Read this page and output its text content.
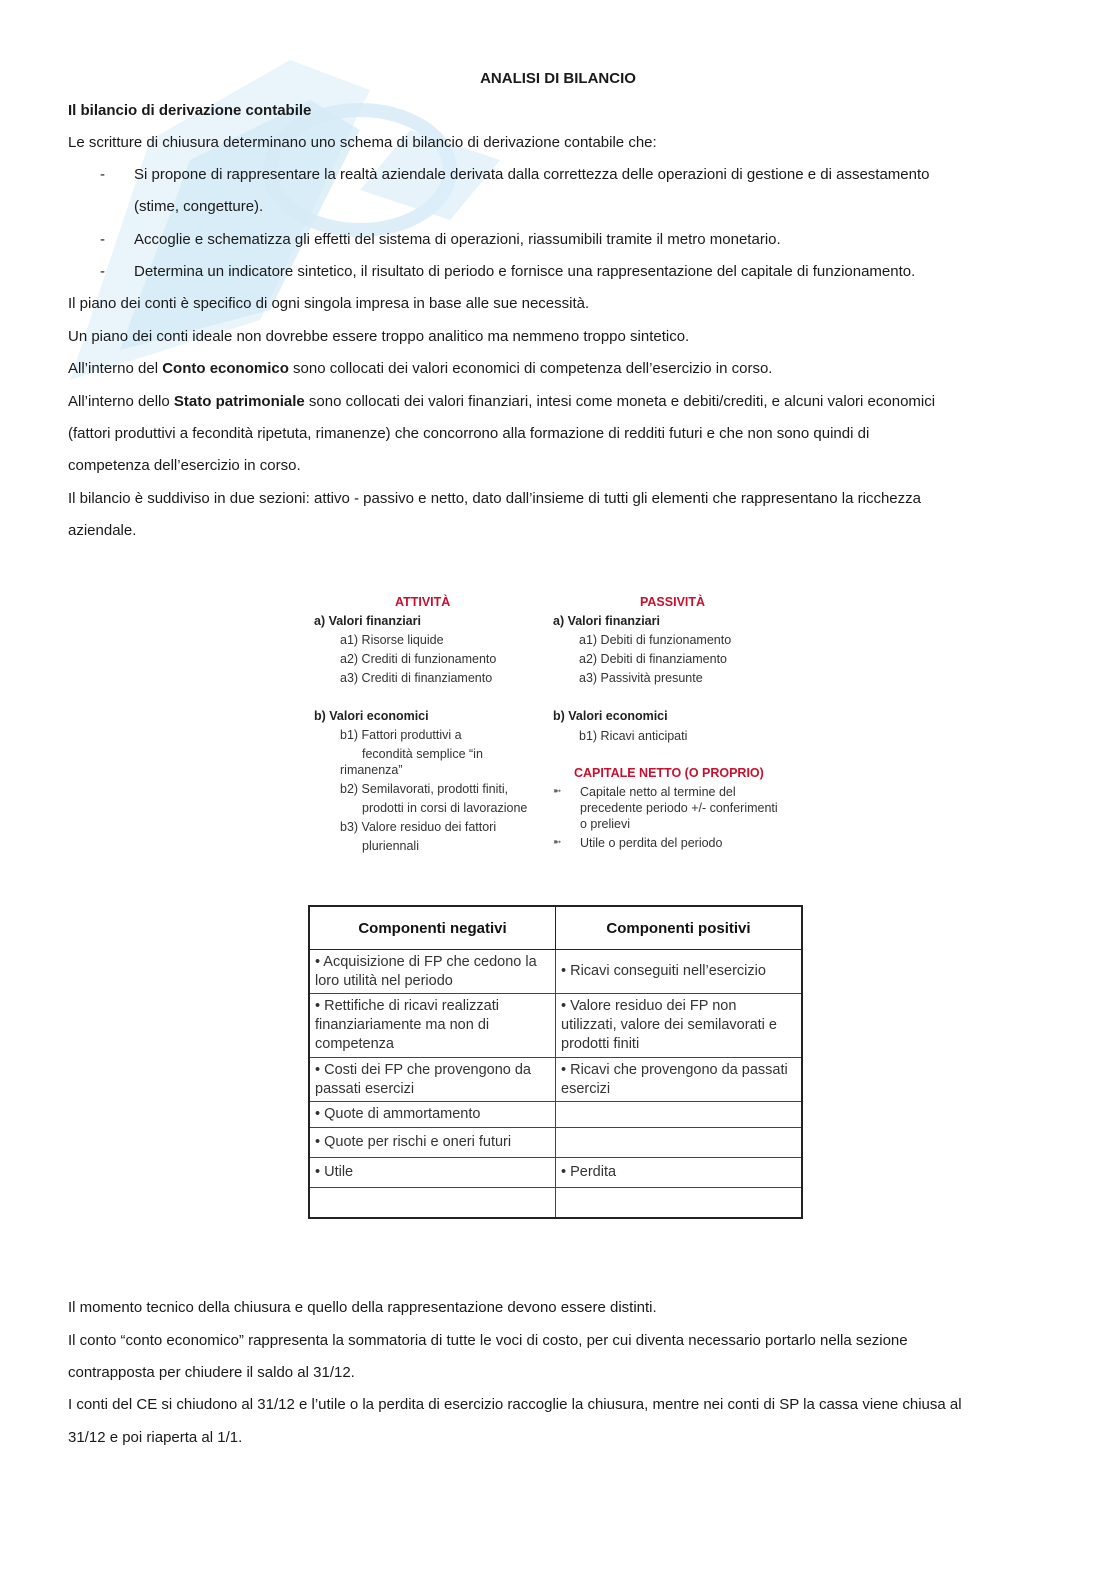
ANALISI DI BILANCIO
Il bilancio di derivazione contabile
Le scritture di chiusura determinano uno schema di bilancio di derivazione contabile che:
- Si propone di rappresentare la realtà aziendale derivata dalla correttezza delle operazioni di gestione e di assestamento
(stime, congetture).
- Accoglie e schematizza gli effetti del sistema di operazioni, riassumibili tramite il metro monetario.
- Determina un indicatore sintetico, il risultato di periodo e fornisce una rappresentazione del capitale di funzionamento.
Il piano dei conti è specifico di ogni singola impresa in base alle sue necessità.
Un piano dei conti ideale non dovrebbe essere troppo analitico ma nemmeno troppo sintetico.
All’interno del Conto economico sono collocati dei valori economici di competenza dell’esercizio in corso.
All’interno dello Stato patrimoniale sono collocati dei valori finanziari, intesi come moneta e debiti/crediti, e alcuni valori economici
(fattori produttivi a fecondità ripetuta, rimanenze) che concorrono alla formazione di redditi futuri e che non sono quindi di
competenza dell’esercizio in corso.
Il bilancio è suddiviso in due sezioni: attivo - passivo e netto, dato dall’insieme di tutti gli elementi che rappresentano la ricchezza
aziendale.
Il momento tecnico della chiusura e quello della rappresentazione devono essere distinti.
Il conto “conto economico” rappresenta la sommatoria di tutte le voci di costo, per cui diventa necessario portarlo nella sezione
contrapposta per chiudere il saldo al 31/12.
I conti del CE si chiudono al 31/12 e l’utile o la perdita di esercizio raccoglie la chiusura, mentre nei conti di SP la cassa viene chiusa al
31/12 e poi riaperta al 1/1.
ATTIVITÀ	PASSIVITÀ
a) Valori finanziari
a1) Risorse liquide
a2) Crediti di funzionamento
a3) Crediti di finanziamento
b) Valori economici
b1) Fattori produttivi a
fecondità semplice “in
rimanenza”
b2) Semilavorati, prodotti finiti,
prodotti in corsi di lavorazione
b3) Valore residuo dei fattori
pluriennali
a) Valori finanziari
a1) Debiti di funzionamento
a2) Debiti di finanziamento
a3) Passività presunte
b) Valori economici
b1) Ricavi anticipati
CAPITALE NETTO (O PROPRIO)
➼ Capitale netto al termine del
precedente periodo +/- conferimenti
o prelievi
➼ Utile o perdita del periodo
Componenti negativi	Componenti positivi
• Acquisizione di FP che cedono la loro utilità nel periodo	• Ricavi conseguiti nell’esercizio
• Rettifiche di ricavi realizzati finanziariamente ma non di competenza	• Valore residuo dei FP non utilizzati, valore dei semilavorati e prodotti finiti
• Costi dei FP che provengono da passati esercizi	• Ricavi che provengono da passati esercizi
• Quote di ammortamento	
• Quote per rischi e oneri futuri	
• Utile	• Perdita
